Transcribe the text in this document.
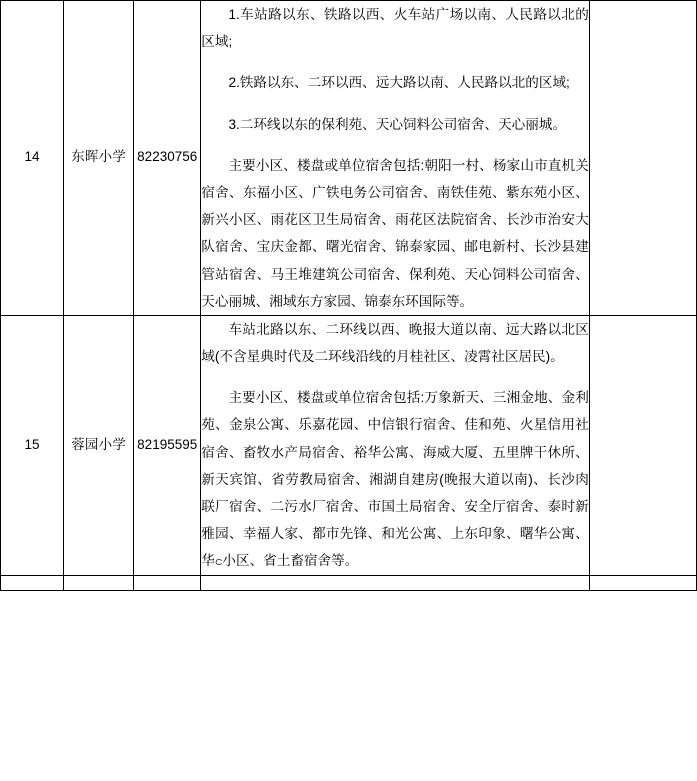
14	东晖小学	82230756	1.车站路以东、铁路以西、火车站广场以南、人民路以北的区域;

2.铁路以东、二环以西、远大路以南、人民路以北的区域;

3.二环线以东的保利苑、天心饲料公司宿舍、天心丽城。

主要小区、楼盘或单位宿舍包括:朝阳一村、杨家山市直机关宿舍、东福小区、广铁电务公司宿舍、南铁佳苑、紫东苑小区、新兴小区、雨花区卫生局宿舍、雨花区法院宿舍、长沙市治安大队宿舍、宝庆金都、曙光宿舍、锦泰家园、邮电新村、长沙县建管站宿舍、马王堆建筑公司宿舍、保利苑、天心饲料公司宿舍、天心丽城、湘域东方家园、锦泰东环国际等。	

15	蓉园小学	82195595	车站北路以东、二环线以西、晚报大道以南、远大路以北区域(不含星典时代及二环线沿线的月桂社区、凌霄社区居民)。

主要小区、楼盘或单位宿舍包括:万象新天、三湘金地、金利苑、金泉公寓、乐嘉花园、中信银行宿舍、佳和苑、火星信用社宿舍、畜牧水产局宿舍、裕华公寓、海威大厦、五里牌干休所、新天宾馆、省劳教局宿舍、湘湖自建房(晚报大道以南)、长沙肉联厂宿舍、二污水厂宿舍、市国土局宿舍、安全厅宿舍、泰时新雅园、幸福人家、都市先锋、和光公寓、上东印象、曙华公寓、华င小区、省土畜宿舍等。	
